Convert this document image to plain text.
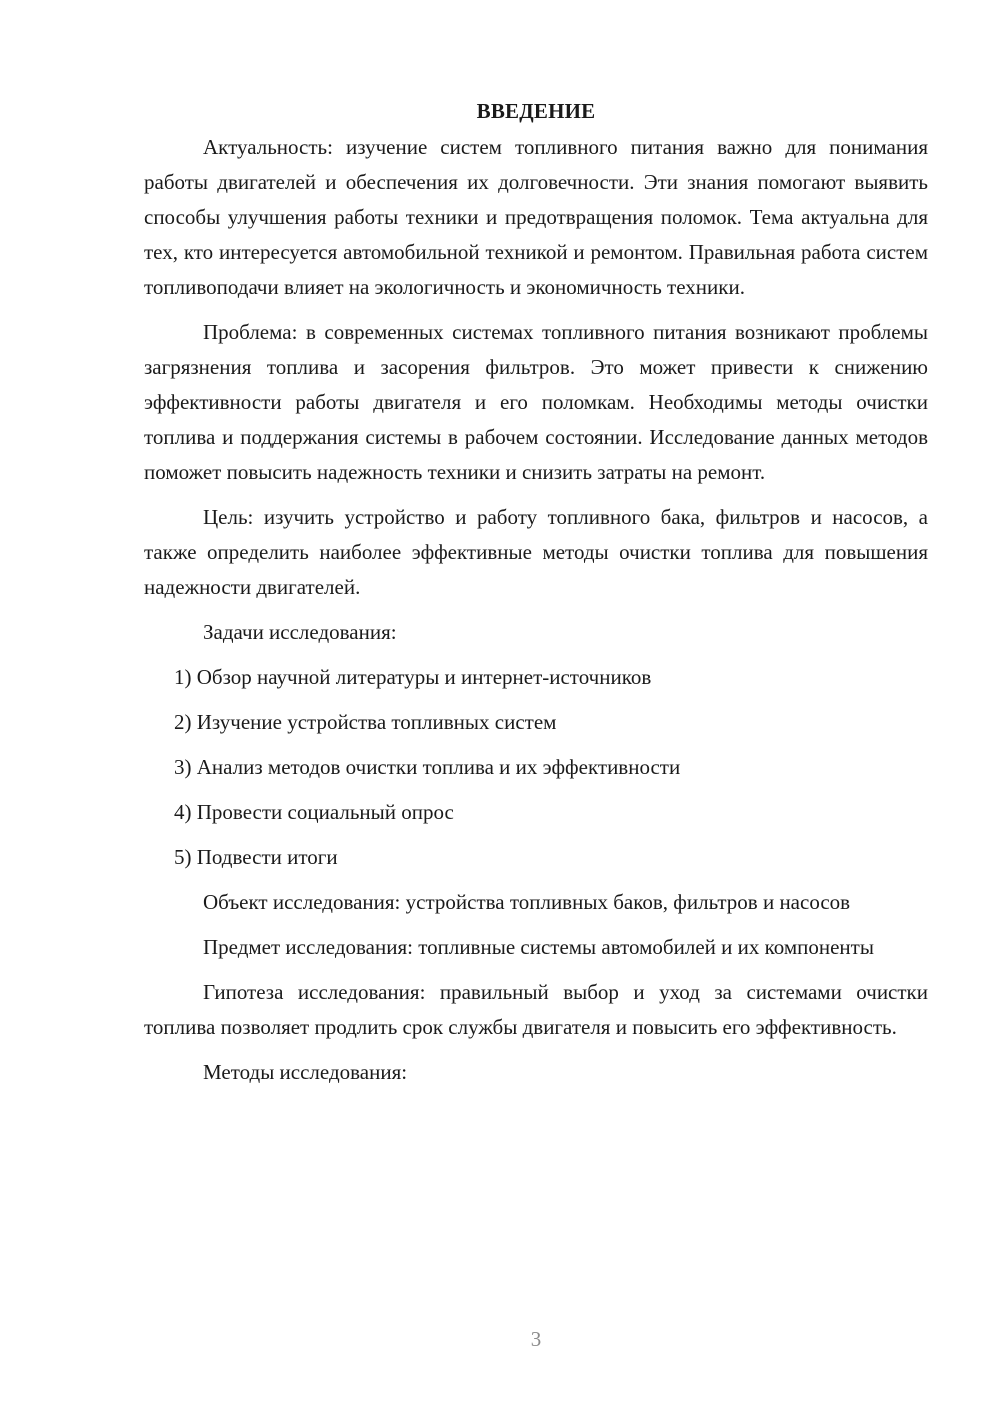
ВВЕДЕНИЕ

Актуальность: изучение систем топливного питания важно для понимания работы двигателей и обеспечения их долговечности. Эти знания помогают выявить способы улучшения работы техники и предотвращения поломок. Тема актуальна для тех, кто интересуется автомобильной техникой и ремонтом. Правильная работа систем топливоподачи влияет на экологичность и экономичность техники.

Проблема: в современных системах топливного питания возникают проблемы загрязнения топлива и засорения фильтров. Это может привести к снижению эффективности работы двигателя и его поломкам. Необходимы методы очистки топлива и поддержания системы в рабочем состоянии. Исследование данных методов поможет повысить надежность техники и снизить затраты на ремонт.

Цель: изучить устройство и работу топливного бака, фильтров и насосов, а также определить наиболее эффективные методы очистки топлива для повышения надежности двигателей.

Задачи исследования:

1) Обзор научной литературы и интернет-источников
2) Изучение устройства топливных систем
3) Анализ методов очистки топлива и их эффективности
4) Провести социальный опрос
5) Подвести итоги

Объект исследования: устройства топливных баков, фильтров и насосов

Предмет исследования: топливные системы автомобилей и их компоненты

Гипотеза исследования: правильный выбор и уход за системами очистки топлива позволяет продлить срок службы двигателя и повысить его эффективность.

Методы исследования:

3
